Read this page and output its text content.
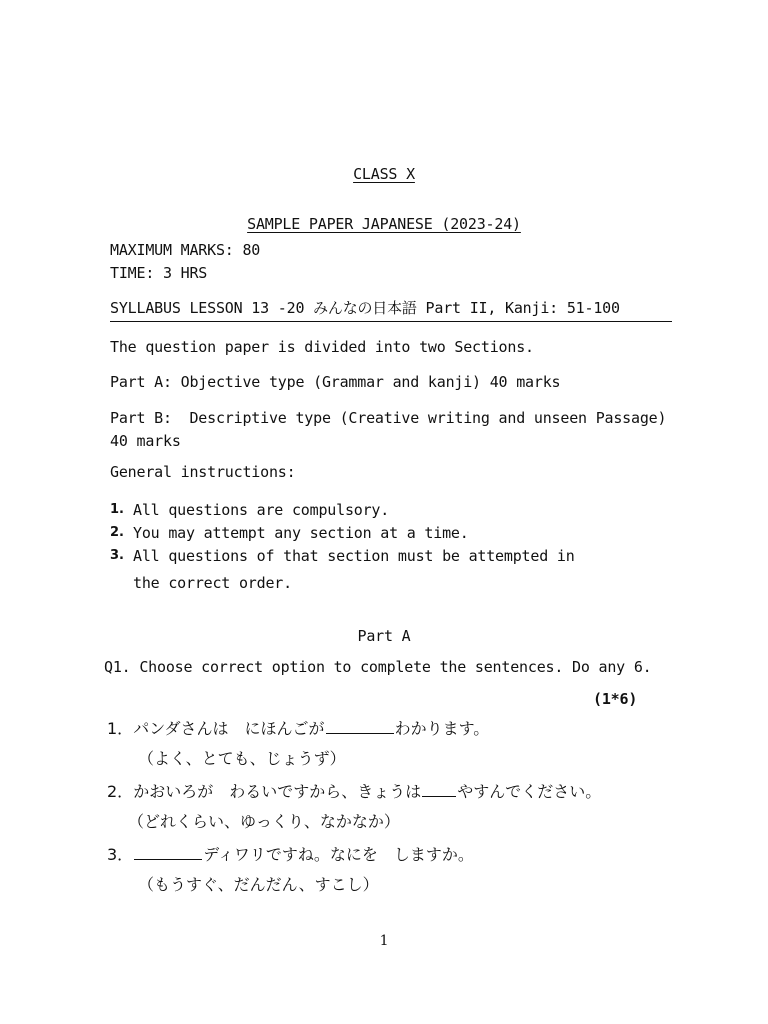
CLASS X
SAMPLE PAPER JAPANESE (2023-24)
MAXIMUM MARKS: 80
TIME: 3 HRS
SYLLABUS LESSON 13 -20 みんなの日本語 Part II, Kanji: 51-100
The question paper is divided into two Sections.
Part A: Objective type (Grammar and kanji) 40 marks
Part B:  Descriptive type (Creative writing and unseen Passage)
40 marks
General instructions:
1. All questions are compulsory.
2. You may attempt any section at a time.
3. All questions of that section must be attempted in
the correct order.
Part A
Q1. Choose correct option to complete the sentences. Do any 6.
(1*6)
1．パンダさんは　にほんごが	わかります。
（よく、とても、じょうず）
2．かおいろが　わるいですから、きょうは やすんでください。
（どれくらい、ゆっくり、なかなか）
3．	ディワリですね。なにを　しますか。
（もうすぐ、だんだん、すこし）
1
